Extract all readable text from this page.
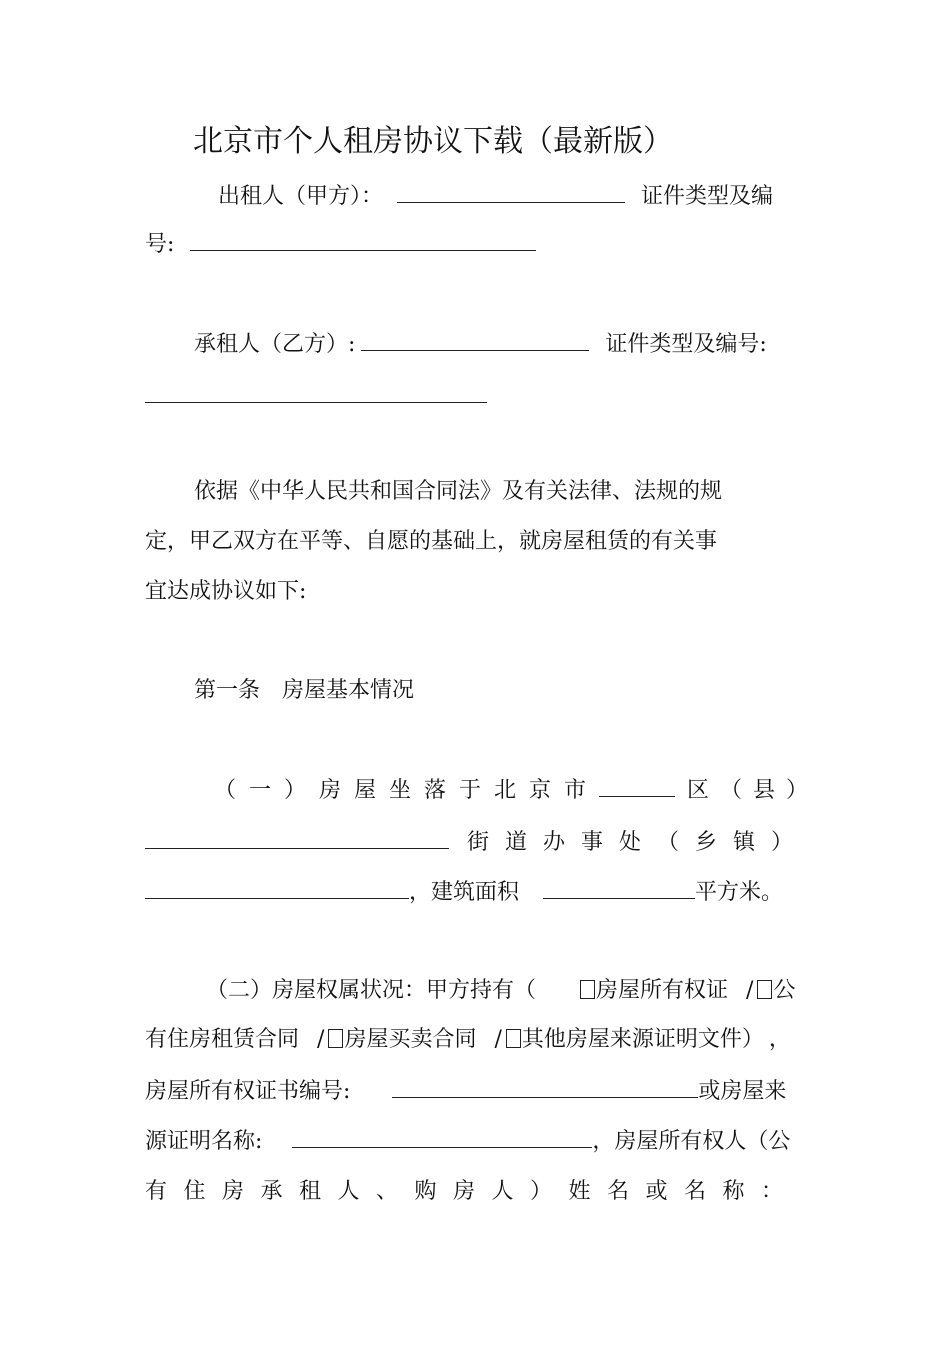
北京市个人租房协议下载（最新版）
出租人（甲方）：	证件类型及编
号:
承租人（乙方）:	证件类型及编号:
依据《中华人民共和国合同法》及有关法律、法规的规
定，甲乙双方在平等、自愿的基础上，就房屋租赁的有关事
宜达成协议如下:
第一条　房屋基本情况
（一）房屋坐落于北京市	区（县）
街道办事处（乡镇）
，建筑面积	平方米。
（二）房屋权属状况：甲方持有（	房屋所有权证 / 公
有住房租赁合同 / 房屋买卖合同 / 其他房屋来源证明文件） ，
房屋所有权证书编号:	或房屋来
源证明名称:	，房屋所有权人（公
有住房承租人、购房人）姓名或名称：
